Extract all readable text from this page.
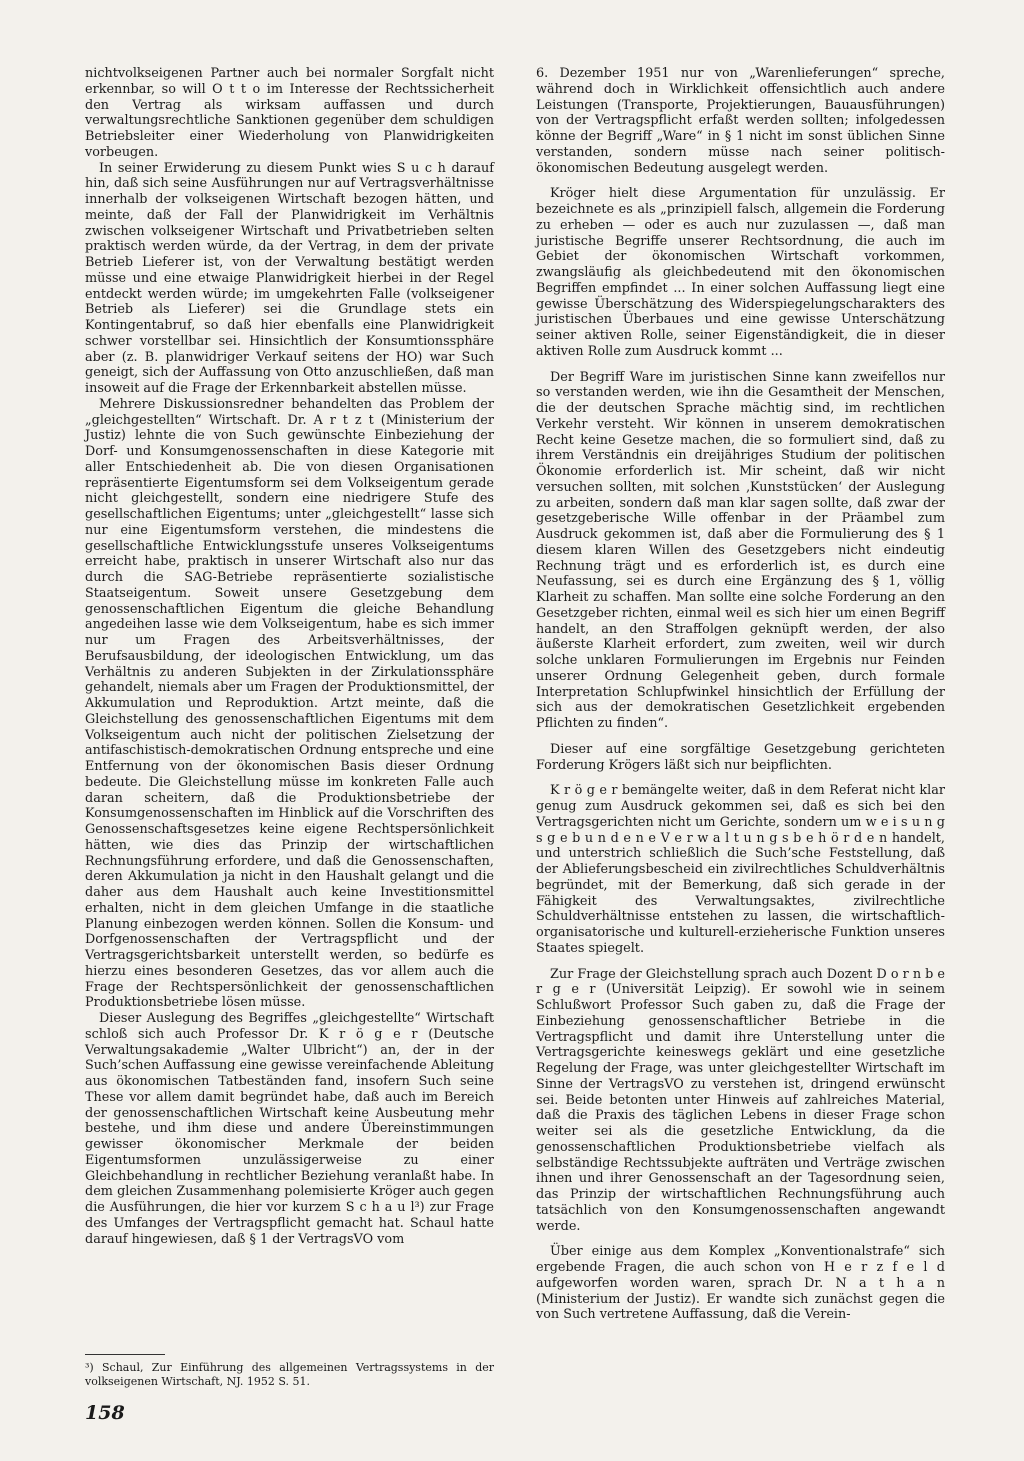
nichtvolkseigenen Partner auch bei normaler Sorgfalt nicht erkennbar, so will O t t o im Interesse der Rechtssicherheit den Vertrag als wirksam auffassen und durch verwaltungsrechtliche Sanktionen gegenüber dem schuldigen Betriebsleiter einer Wiederholung von Planwidrigkeiten vorbeugen.

In seiner Erwiderung zu diesem Punkt wies S u c h darauf hin, daß sich seine Ausführungen nur auf Vertragsverhältnisse innerhalb der volkseigenen Wirtschaft bezogen hätten, und meinte, daß der Fall der Planwidrigkeit im Verhältnis zwischen volkseigener Wirtschaft und Privatbetrieben selten praktisch werden würde, da der Vertrag, in dem der private Betrieb Lieferer ist, von der Verwaltung bestätigt werden müsse und eine etwaige Planwidrigkeit hierbei in der Regel entdeckt werden würde; im umgekehrten Falle (volkseigener Betrieb als Lieferer) sei die Grundlage stets ein Kontingentabruf, so daß hier ebenfalls eine Planwidrigkeit schwer vorstellbar sei. Hinsichtlich der Konsumtionssphäre aber (z. B. planwidriger Verkauf seitens der HO) war Such geneigt, sich der Auffassung von Otto anzuschließen, daß man insoweit auf die Frage der Erkennbarkeit abstellen müsse.

Mehrere Diskussionsredner behandelten das Problem der „gleichgestellten“ Wirtschaft. Dr. A r t z t (Ministerium der Justiz) lehnte die von Such gewünschte Einbeziehung der Dorf- und Konsumgenossenschaften in diese Kategorie mit aller Entschiedenheit ab. Die von diesen Organisationen repräsentierte Eigentumsform sei dem Volkseigentum gerade nicht gleichgestellt, sondern eine niedrigere Stufe des gesellschaftlichen Eigentums; unter „gleichgestellt“ lasse sich nur eine Eigentumsform verstehen, die mindestens die gesellschaftliche Entwicklungsstufe unseres Volkseigentums erreicht habe, praktisch in unserer Wirtschaft also nur das durch die SAG-Betriebe repräsentierte sozialistische Staatseigentum. Soweit unsere Gesetzgebung dem genossenschaftlichen Eigentum die gleiche Behandlung angedeihen lasse wie dem Volkseigentum, habe es sich immer nur um Fragen des Arbeitsverhältnisses, der Berufsausbildung, der ideologischen Entwicklung, um das Verhältnis zu anderen Subjekten in der Zirkulationssphäre gehandelt, niemals aber um Fragen der Produktionsmittel, der Akkumulation und Reproduktion. Artzt meinte, daß die Gleichstellung des genossenschaftlichen Eigentums mit dem Volkseigentum auch nicht der politischen Zielsetzung der antifaschistisch-demokratischen Ordnung entspreche und eine Entfernung von der ökonomischen Basis dieser Ordnung bedeute. Die Gleichstellung müsse im konkreten Falle auch daran scheitern, daß die Produktionsbetriebe der Konsumgenossenschaften im Hinblick auf die Vorschriften des Genossenschaftsgesetzes keine eigene Rechtspersönlichkeit hätten, wie dies das Prinzip der wirtschaftlichen Rechnungsführung erfordere, und daß die Genossenschaften, deren Akkumulation ja nicht in den Haushalt gelangt und die daher aus dem Haushalt auch keine Investitionsmittel erhalten, nicht in dem gleichen Umfange in die staatliche Planung einbezogen werden können. Sollen die Konsum- und Dorfgenossenschaften der Vertragspflicht und der Vertragsgerichtsbarkeit unterstellt werden, so bedürfe es hierzu eines besonderen Gesetzes, das vor allem auch die Frage der Rechtspersönlichkeit der genossenschaftlichen Produktionsbetriebe lösen müsse.

Dieser Auslegung des Begriffes „gleichgestellte“ Wirtschaft schloß sich auch Professor Dr. K r ö g e r (Deutsche Verwaltungsakademie „Walter Ulbricht“) an, der in der Such’schen Auffassung eine gewisse vereinfachende Ableitung aus ökonomischen Tatbeständen fand, insofern Such seine These vor allem damit begründet habe, daß auch im Bereich der genossenschaftlichen Wirtschaft keine Ausbeutung mehr bestehe, und ihm diese und andere Übereinstimmungen gewisser ökonomischer Merkmale der beiden Eigentumsformen unzulässigerweise zu einer Gleichbehandlung in rechtlicher Beziehung veranlaßt habe. In dem gleichen Zusammenhang polemisierte Kröger auch gegen die Ausführungen, die hier vor kurzem S c h a u l³) zur Frage des Umfanges der Vertragspflicht gemacht hat. Schaul hatte darauf hingewiesen, daß § 1 der VertragsVO vom

6. Dezember 1951 nur von „Warenlieferungen“ spreche, während doch in Wirklichkeit offensichtlich auch andere Leistungen (Transporte, Projektierungen, Bauausführungen) von der Vertragspflicht erfaßt werden sollten; infolgedessen könne der Begriff „Ware“ in § 1 nicht im sonst üblichen Sinne verstanden, sondern müsse nach seiner politisch-ökonomischen Bedeutung ausgelegt werden.

Kröger hielt diese Argumentation für unzulässig. Er bezeichnete es als „prinzipiell falsch, allgemein die Forderung zu erheben — oder es auch nur zuzulassen —, daß man juristische Begriffe unserer Rechtsordnung, die auch im Gebiet der ökonomischen Wirtschaft vorkommen, zwangsläufig als gleichbedeutend mit den ökonomischen Begriffen empfindet ... In einer solchen Auffassung liegt eine gewisse Überschätzung des Widerspiegelungscharakters des juristischen Überbaues und eine gewisse Unterschätzung seiner aktiven Rolle, seiner Eigenständigkeit, die in dieser aktiven Rolle zum Ausdruck kommt ...

Der Begriff Ware im juristischen Sinne kann zweifellos nur so verstanden werden, wie ihn die Gesamtheit der Menschen, die der deutschen Sprache mächtig sind, im rechtlichen Verkehr versteht. Wir können in unserem demokratischen Recht keine Gesetze machen, die so formuliert sind, daß zu ihrem Verständnis ein dreijähriges Studium der politischen Ökonomie erforderlich ist. Mir scheint, daß wir nicht versuchen sollten, mit solchen ‚Kunststücken‘ der Auslegung zu arbeiten, sondern daß man klar sagen sollte, daß zwar der gesetzgeberische Wille offenbar in der Präambel zum Ausdruck gekommen ist, daß aber die Formulierung des § 1 diesem klaren Willen des Gesetzgebers nicht eindeutig Rechnung trägt und es erforderlich ist, es durch eine Neufassung, sei es durch eine Ergänzung des § 1, völlig Klarheit zu schaffen. Man sollte eine solche Forderung an den Gesetzgeber richten, einmal weil es sich hier um einen Begriff handelt, an den Straffolgen geknüpft werden, der also äußerste Klarheit erfordert, zum zweiten, weil wir durch solche unklaren Formulierungen im Ergebnis nur Feinden unserer Ordnung Gelegenheit geben, durch formale Interpretation Schlupfwinkel hinsichtlich der Erfüllung der sich aus der demokratischen Gesetzlichkeit ergebenden Pflichten zu finden“.

Dieser auf eine sorgfältige Gesetzgebung gerichteten Forderung Krögers läßt sich nur beipflichten.

K r ö g e r bemängelte weiter, daß in dem Referat nicht klar genug zum Ausdruck gekommen sei, daß es sich bei den Vertragsgerichten nicht um Gerichte, sondern um w e i s u n g s g e b u n d e n e V e r w a l t u n g s b e h ö r d e n handelt, und unterstrich schließlich die Such’sche Feststellung, daß der Ablieferungsbescheid ein zivilrechtliches Schuldverhältnis begründet, mit der Bemerkung, daß sich gerade in der Fähigkeit des Verwaltungsaktes, zivilrechtliche Schuldverhältnisse entstehen zu lassen, die wirtschaftlich-organisatorische und kulturell-erzieherische Funktion unseres Staates spiegelt.

Zur Frage der Gleichstellung sprach auch Dozent D o r n b e r g e r (Universität Leipzig). Er sowohl wie in seinem Schlußwort Professor Such gaben zu, daß die Frage der Einbeziehung genossenschaftlicher Betriebe in die Vertragspflicht und damit ihre Unterstellung unter die Vertragsgerichte keineswegs geklärt und eine gesetzliche Regelung der Frage, was unter gleichgestellter Wirtschaft im Sinne der VertragsVO zu verstehen ist, dringend erwünscht sei. Beide betonten unter Hinweis auf zahlreiches Material, daß die Praxis des täglichen Lebens in dieser Frage schon weiter sei als die gesetzliche Entwicklung, da die genossenschaftlichen Produktionsbetriebe vielfach als selbständige Rechtssubjekte aufträten und Verträge zwischen ihnen und ihrer Genossenschaft an der Tagesordnung seien, das Prinzip der wirtschaftlichen Rechnungsführung auch tatsächlich von den Konsumgenossenschaften angewandt werde.

Über einige aus dem Komplex „Konventionalstrafe“ sich ergebende Fragen, die auch schon von H e r z f e l d aufgeworfen worden waren, sprach Dr. N a t h a n (Ministerium der Justiz). Er wandte sich zunächst gegen die von Such vertretene Auffassung, daß die Verein-

³) Schaul, Zur Einführung des allgemeinen Vertragssystems in der volkseigenen Wirtschaft, NJ. 1952 S. 51.
158
